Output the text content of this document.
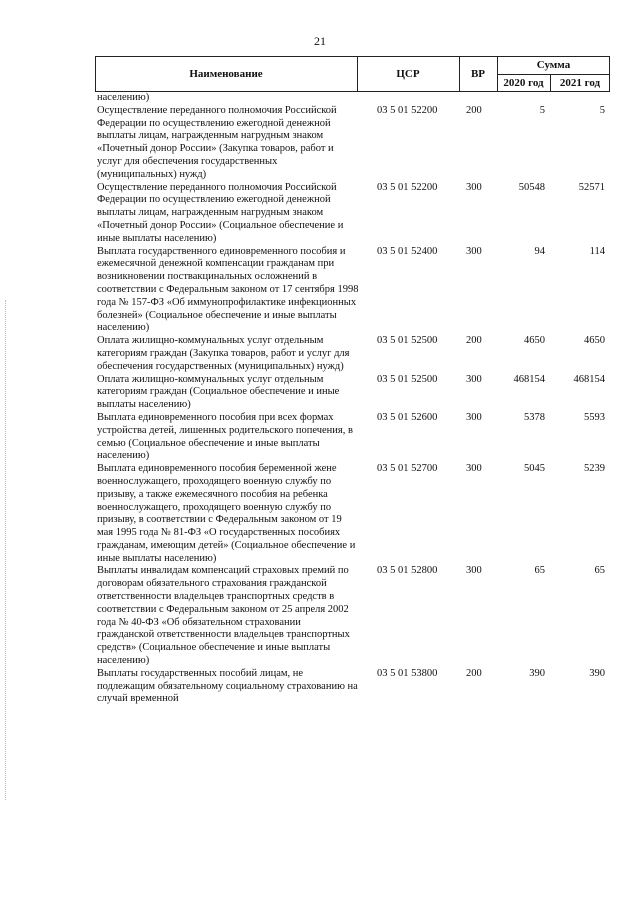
21
Наименование	ЦСР	ВР
Сумма
2020 год	2021 год
населению)
Осуществление переданного полномочия Российской Федерации по осуществлению ежегодной денежной выплаты лицам, награжденным нагрудным знаком «Почетный донор России» (Закупка товаров, работ и услуг для обеспечения государственных (муниципальных) нужд)
03 5 01 52200	200	5	5
Осуществление переданного полномочия Российской Федерации по осуществлению ежегодной денежной выплаты лицам, награжденным нагрудным знаком «Почетный донор России» (Социальное обеспечение и иные выплаты населению)
03 5 01 52200	300	50548	52571
Выплата государственного единовременного пособия и ежемесячной денежной компенсации гражданам при возникновении поствакцинальных осложнений в соответствии с Федеральным законом от 17 сентября 1998 года № 157-ФЗ «Об иммунопрофилактике инфекционных болезней» (Социальное обеспечение и иные выплаты населению)
03 5 01 52400	300	94	114
Оплата жилищно-коммунальных услуг отдельным категориям граждан (Закупка товаров, работ и услуг для обеспечения государственных (муниципальных) нужд)
03 5 01 52500	200	4650	4650
Оплата жилищно-коммунальных услуг отдельным категориям граждан (Социальное обеспечение и иные выплаты населению)
03 5 01 52500	300	468154	468154
Выплата единовременного пособия при всех формах устройства детей, лишенных родительского попечения, в семью (Социальное обеспечение и иные выплаты населению)
03 5 01 52600	300	5378	5593
Выплата единовременного пособия беременной жене военнослужащего, проходящего военную службу по призыву, а также ежемесячного пособия на ребенка военнослужащего, проходящего военную службу по призыву, в соответствии с Федеральным законом от 19 мая 1995 года № 81-ФЗ «О государственных пособиях гражданам, имеющим детей» (Социальное обеспечение и иные выплаты населению)
03 5 01 52700	300	5045	5239
Выплаты инвалидам компенсаций страховых премий по договорам обязательного страхования гражданской ответственности владельцев транспортных средств в соответствии с Федеральным законом от 25 апреля 2002 года № 40-ФЗ «Об обязательном страховании гражданской ответственности владельцев транспортных средств» (Социальное обеспечение и иные выплаты населению)
03 5 01 52800	300	65	65
Выплаты государственных пособий лицам, не подлежащим обязательному социальному страхованию на случай временной
03 5 01 53800	200	390	390
